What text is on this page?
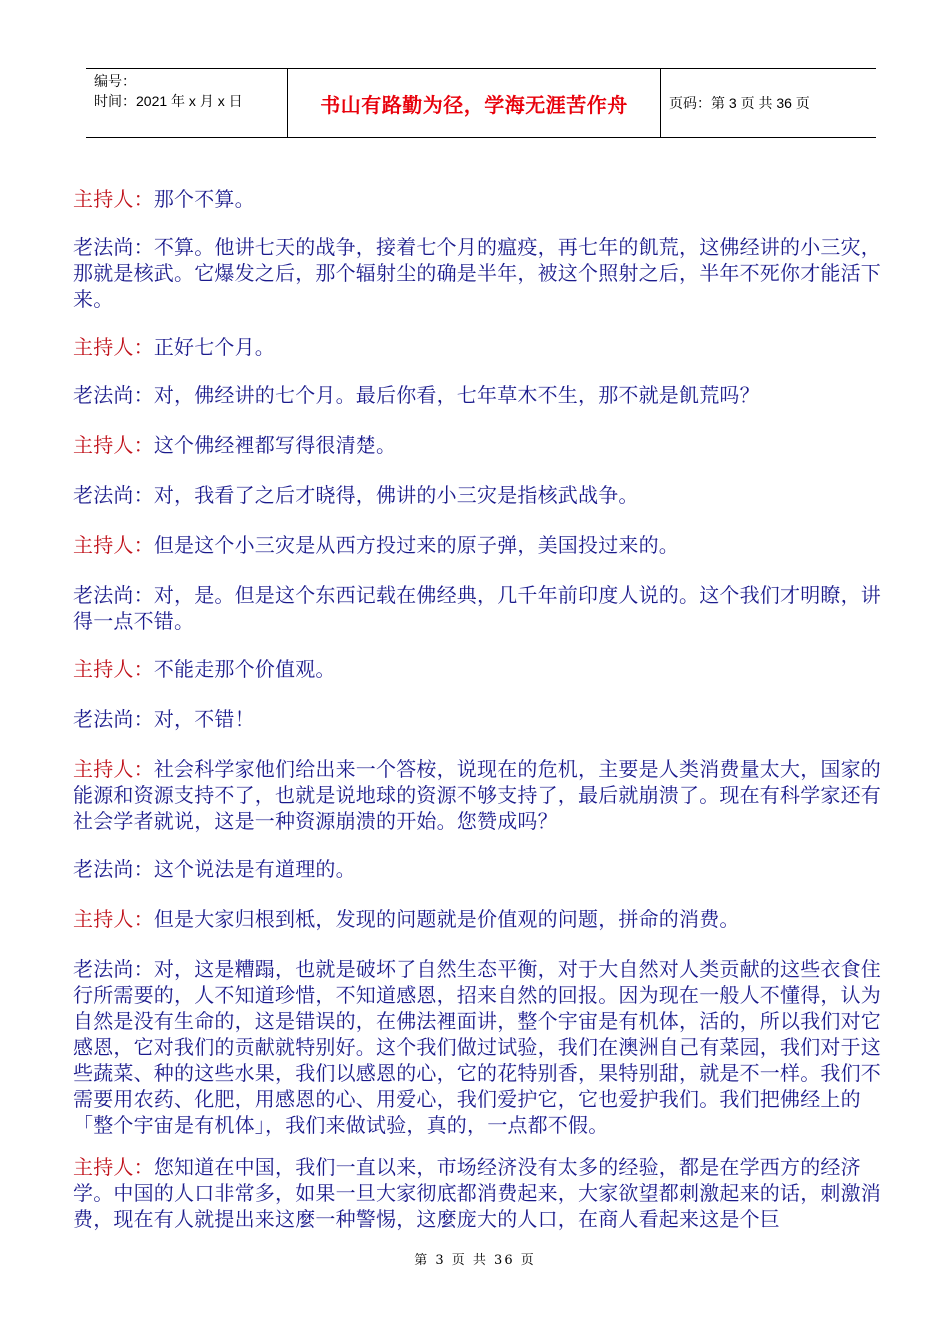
编号：
时间：2021 年 x 月 x 日	书山有路勤为径，学海无涯苦作舟	页码：第 3 页 共 36 页

主持人：那个不算。

老法尚：不算。他讲七天的战争，接着七个月的瘟疫，再七年的飢荒，这佛经讲的小三灾，那就是核武。它爆发之后，那个辐射尘的确是半年，被这个照射之后，半年不死你才能活下来。

主持人：正好七个月。

老法尚：对，佛经讲的七个月。最后你看，七年草木不生，那不就是飢荒吗？

主持人：这个佛经裡都写得很清楚。

老法尚：对，我看了之后才晓得，佛讲的小三灾是指核武战争。

主持人：但是这个小三灾是从西方投过来的原子弹，美国投过来的。

老法尚：对，是。但是这个东西记载在佛经典，几千年前印度人说的。这个我们才明瞭，讲得一点不错。

主持人：不能走那个价值观。

老法尚：对，不错！

主持人：社会科学家他们给出来一个答桉，说现在的危机，主要是人类消费量太大，国家的能源和资源支持不了，也就是说地球的资源不够支持了，最后就崩溃了。现在有科学家还有社会学者就说，这是一种资源崩溃的开始。您赞成吗？

老法尚：这个说法是有道理的。

主持人：但是大家归根到柢，发现的问题就是价值观的问题，拼命的消费。

老法尚：对，这是糟蹋，也就是破坏了自然生态平衡，对于大自然对人类贡献的这些衣食住行所需要的，人不知道珍惜，不知道感恩，招来自然的回报。因为现在一般人不懂得，认为自然是没有生命的，这是错误的，在佛法裡面讲，整个宇宙是有机体，活的，所以我们对它感恩，它对我们的贡献就特别好。这个我们做过试验，我们在澳洲自己有菜园，我们对于这些蔬菜、种的这些水果，我们以感恩的心，它的花特别香，果特别甜，就是不一样。我们不需要用农药、化肥，用感恩的心、用爱心，我们爱护它，它也爱护我们。我们把佛经上的「整个宇宙是有机体」，我们来做试验，真的，一点都不假。

主持人：您知道在中国，我们一直以来，市场经济没有太多的经验，都是在学西方的经济学。中国的人口非常多，如果一旦大家彻底都消费起来，大家欲望都刺激起来的话，刺激消费，现在有人就提出来这麼一种警惕，这麼庞大的人口，在商人看起来这是个巨

第 3 页 共 36 页
